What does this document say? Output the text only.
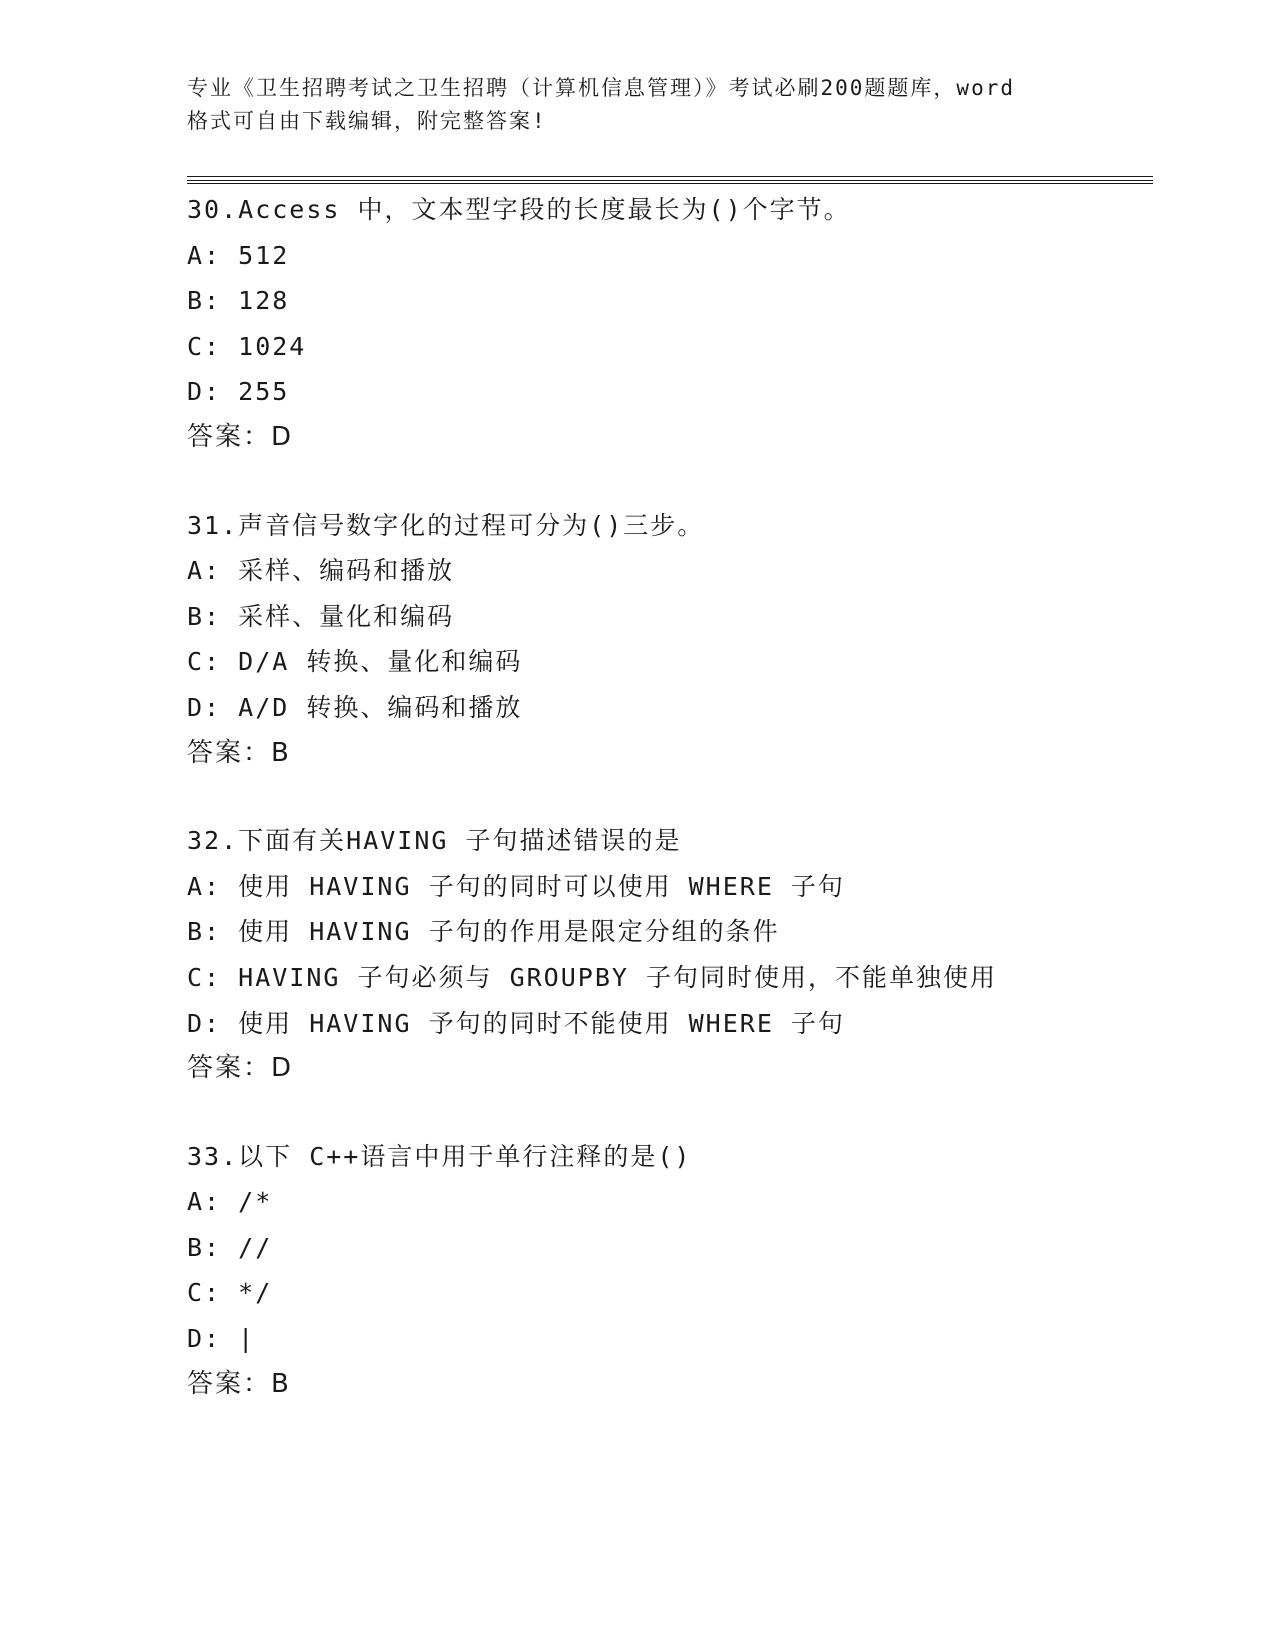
专业《卫生招聘考试之卫生招聘（计算机信息管理）》考试必刷200题题库，word
格式可自由下载编辑，附完整答案!
30.Access 中，文本型字段的长度最长为()个字节。
A: 512
B: 128
C: 1024
D: 255
答案：D
31.声音信号数字化的过程可分为()三步。
A: 采样、编码和播放
B: 采样、量化和编码
C: D/A 转换、量化和编码
D: A/D 转换、编码和播放
答案：B
32.下面有关HAVING 子句描述错误的是
A: 使用 HAVING 子句的同时可以使用 WHERE 子句
B: 使用 HAVING 子句的作用是限定分组的条件
C: HAVING 子句必须与 GROUPBY 子句同时使用，不能单独使用
D: 使用 HAVING 予句的同时不能使用 WHERE 子句
答案：D
33.以下 C++语言中用于单行注释的是()
A: /*
B: //
C: */
D: |
答案：B
